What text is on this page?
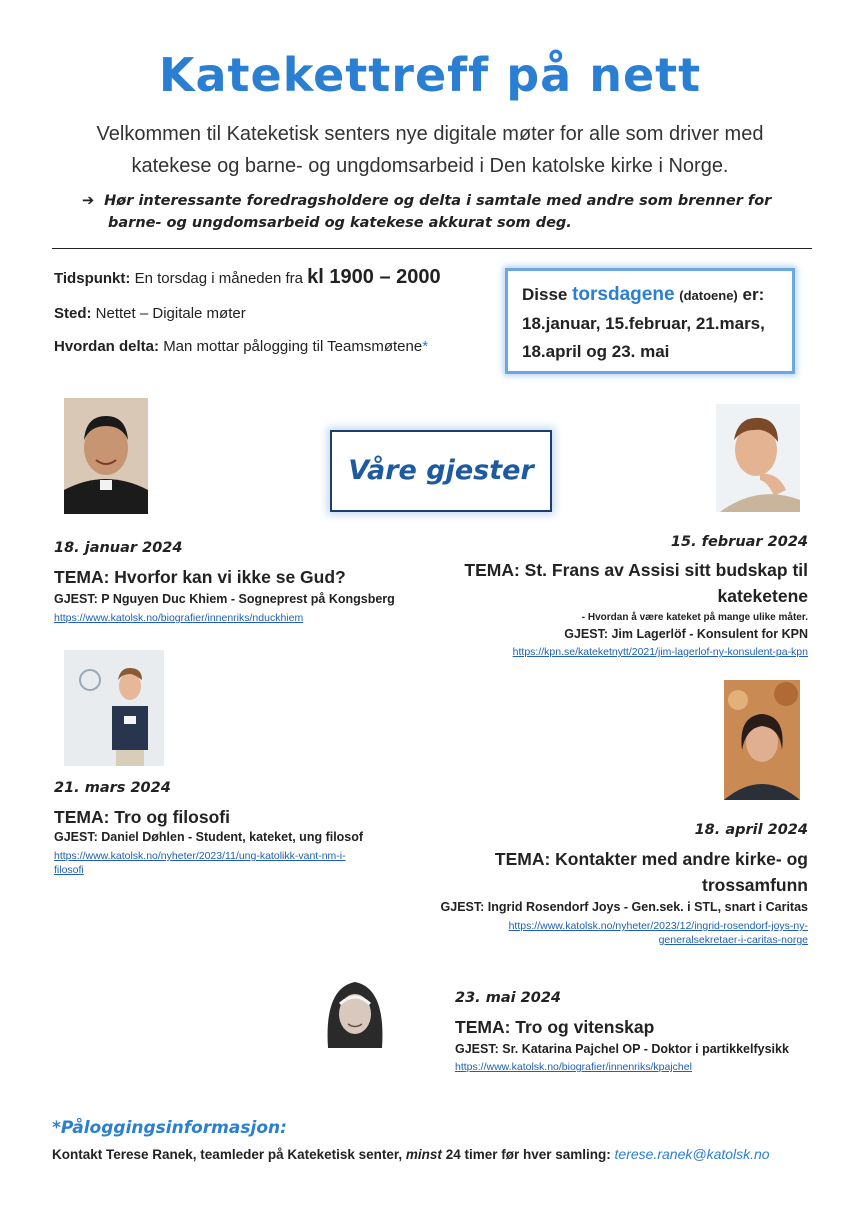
Katekettreff på nett
Velkommen til Kateketisk senters nye digitale møter for alle som driver med
katekese og barne- og ungdomsarbeid i Den katolske kirke i Norge.
➔ Hør interessante foredragsholdere og delta i samtale med andre som brenner for
barne- og ungdomsarbeid og katekese akkurat som deg.
Tidspunkt: En torsdag i måneden fra kl 1900 – 2000
Sted: Nettet – Digitale møter
Hvordan delta: Man mottar pålogging til Teamsmøtene*
Disse torsdagene (datoene) er:
18.januar, 15.februar, 21.mars,
18.april og 23. mai
Våre gjester
18. januar 2024
TEMA: Hvorfor kan vi ikke se Gud?
GJEST: P Nguyen Duc Khiem - Sogneprest på Kongsberg
https://www.katolsk.no/biografier/innenriks/nduckhiem
15. februar 2024
TEMA: St. Frans av Assisi sitt budskap til
kateketene
- Hvordan å være kateket på mange ulike måter.
GJEST: Jim Lagerlöf - Konsulent for KPN
https://kpn.se/kateketnytt/2021/jim-lagerlof-ny-konsulent-pa-kpn
21. mars 2024
TEMA: Tro og filosofi
GJEST: Daniel Døhlen - Student, kateket, ung filosof
https://www.katolsk.no/nyheter/2023/11/ung-katolikk-vant-nm-i-
filosofi
18. april 2024
TEMA: Kontakter med andre kirke- og
trossamfunn
GJEST: Ingrid Rosendorf Joys - Gen.sek. i STL, snart i Caritas
https://www.katolsk.no/nyheter/2023/12/ingrid-rosendorf-joys-ny-
generalsekretaer-i-caritas-norge
23. mai 2024
TEMA: Tro og vitenskap
GJEST: Sr. Katarina Pajchel OP - Doktor i partikkelfysikk
https://www.katolsk.no/biografier/innenriks/kpajchel
*Påloggingsinformasjon:
Kontakt Terese Ranek, teamleder på Kateketisk senter, minst 24 timer før hver samling: terese.ranek@katolsk.no
